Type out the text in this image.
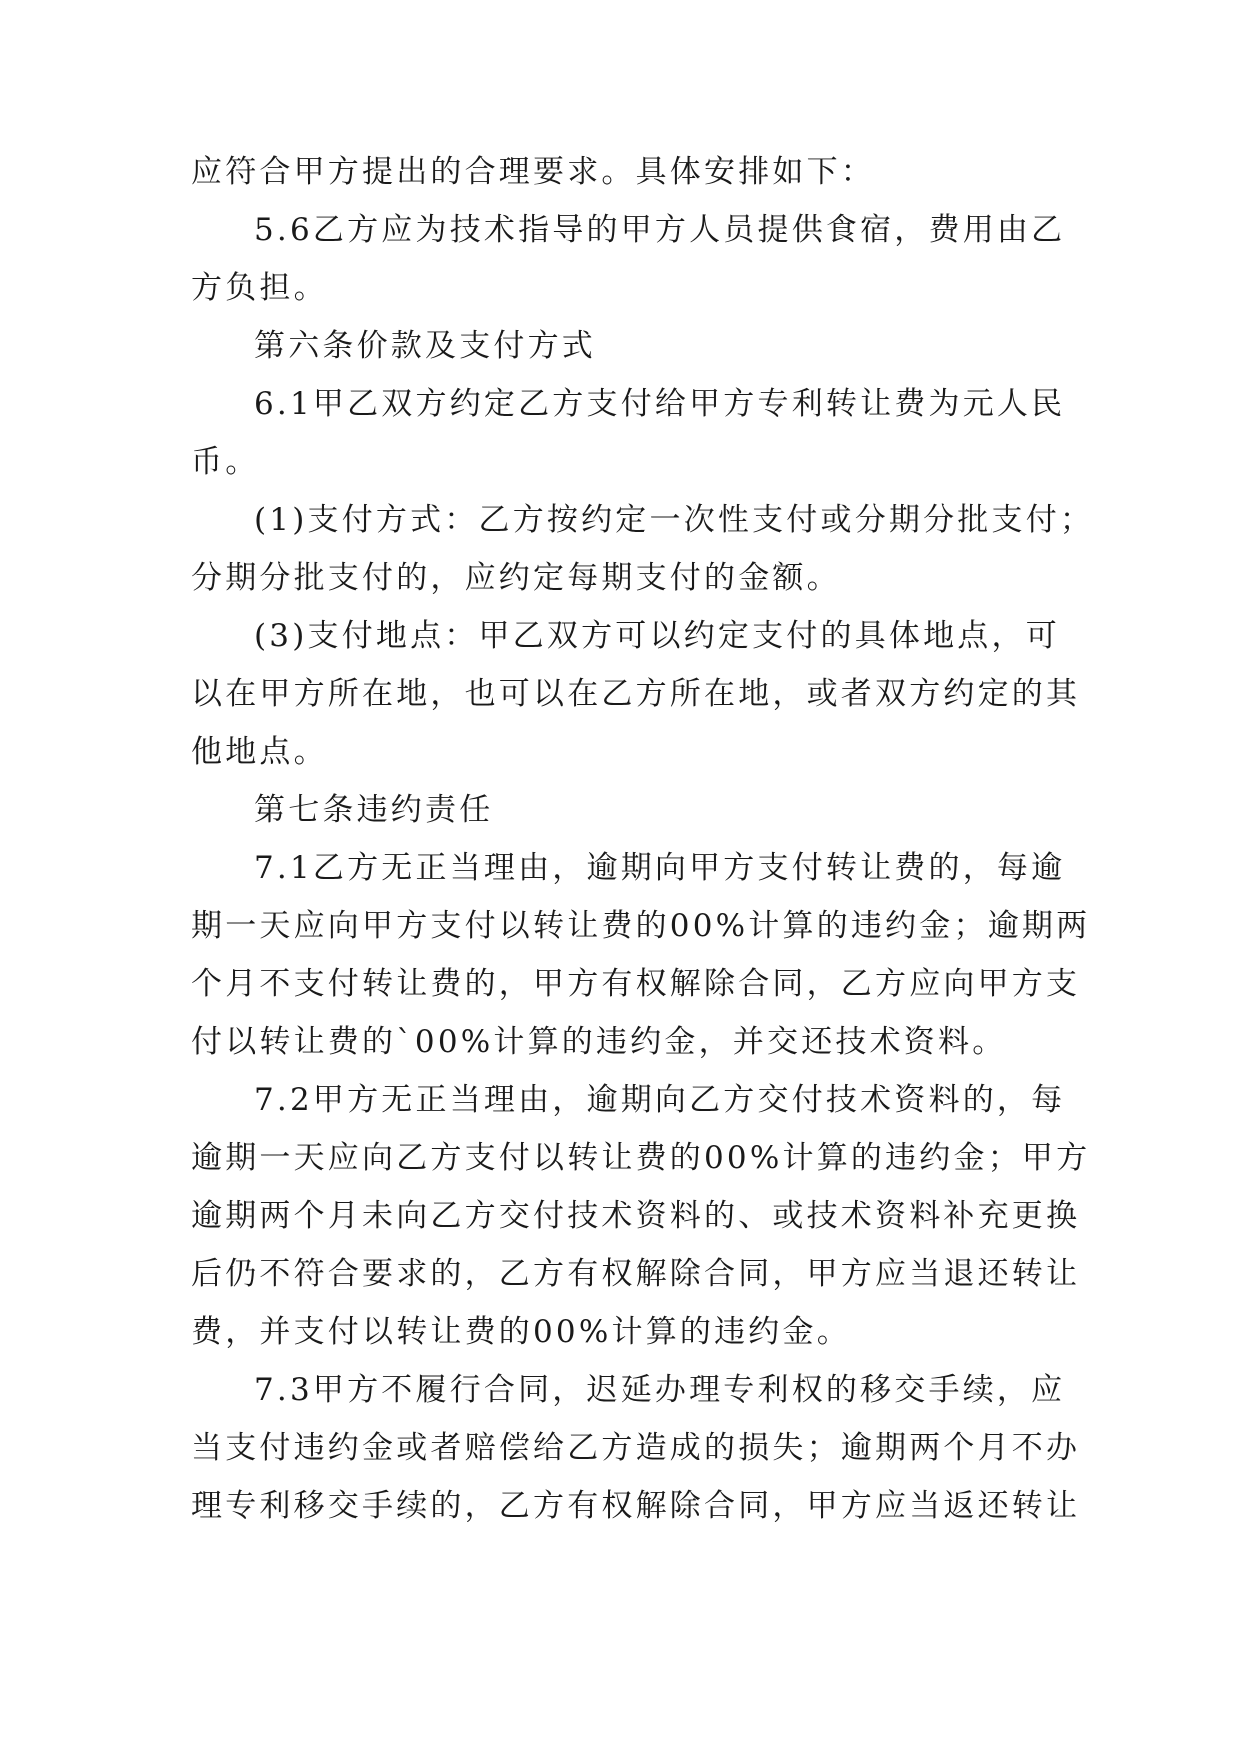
应符合甲方提出的合理要求。具体安排如下：
5.6乙方应为技术指导的甲方人员提供食宿，费用由乙
方负担。
第六条价款及支付方式
6.1甲乙双方约定乙方支付给甲方专利转让费为元人民
币。
(1)支付方式：乙方按约定一次性支付或分期分批支付；
分期分批支付的，应约定每期支付的金额。
(3)支付地点：甲乙双方可以约定支付的具体地点，可
以在甲方所在地，也可以在乙方所在地，或者双方约定的其
他地点。
第七条违约责任
7.1乙方无正当理由，逾期向甲方支付转让费的，每逾
期一天应向甲方支付以转让费的00%计算的违约金；逾期两
个月不支付转让费的，甲方有权解除合同，乙方应向甲方支
付以转让费的`00%计算的违约金，并交还技术资料。
7.2甲方无正当理由，逾期向乙方交付技术资料的，每
逾期一天应向乙方支付以转让费的00%计算的违约金；甲方
逾期两个月未向乙方交付技术资料的、或技术资料补充更换
后仍不符合要求的，乙方有权解除合同，甲方应当退还转让
费，并支付以转让费的00%计算的违约金。
7.3甲方不履行合同，迟延办理专利权的移交手续，应
当支付违约金或者赔偿给乙方造成的损失；逾期两个月不办
理专利移交手续的，乙方有权解除合同，甲方应当返还转让
